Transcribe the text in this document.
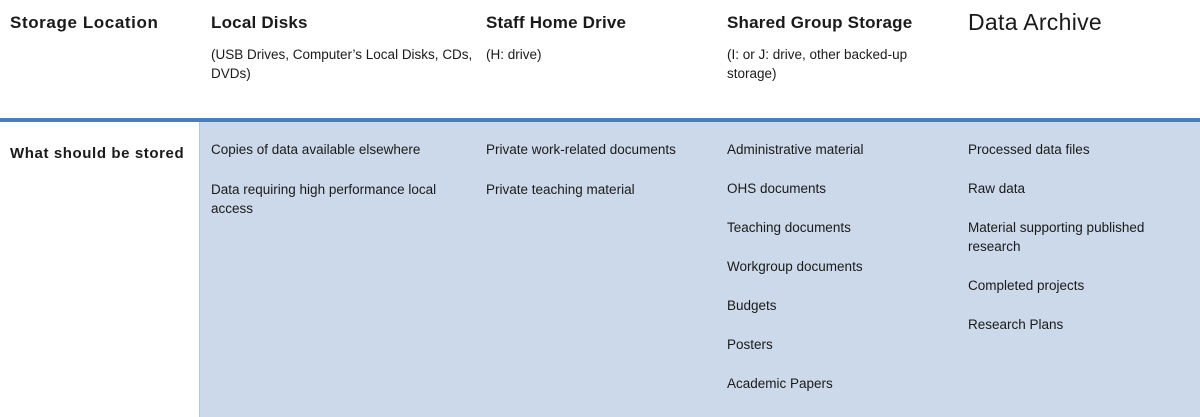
Storage Location	Local Disks
(USB Drives, Computer’s Local Disks, CDs, DVDs)
Staff Home Drive
(H: drive)
Shared Group Storage
(I: or J: drive, other backed-up storage)
Data Archive
What should be stored	Copies of data available elsewhere
Data requiring high performance local access
Private work-related documents
Private teaching material
Administrative material
OHS documents
Teaching documents
Workgroup documents
Budgets
Posters
Academic Papers
Processed data files
Raw data
Material supporting published research
Completed projects
Research Plans
